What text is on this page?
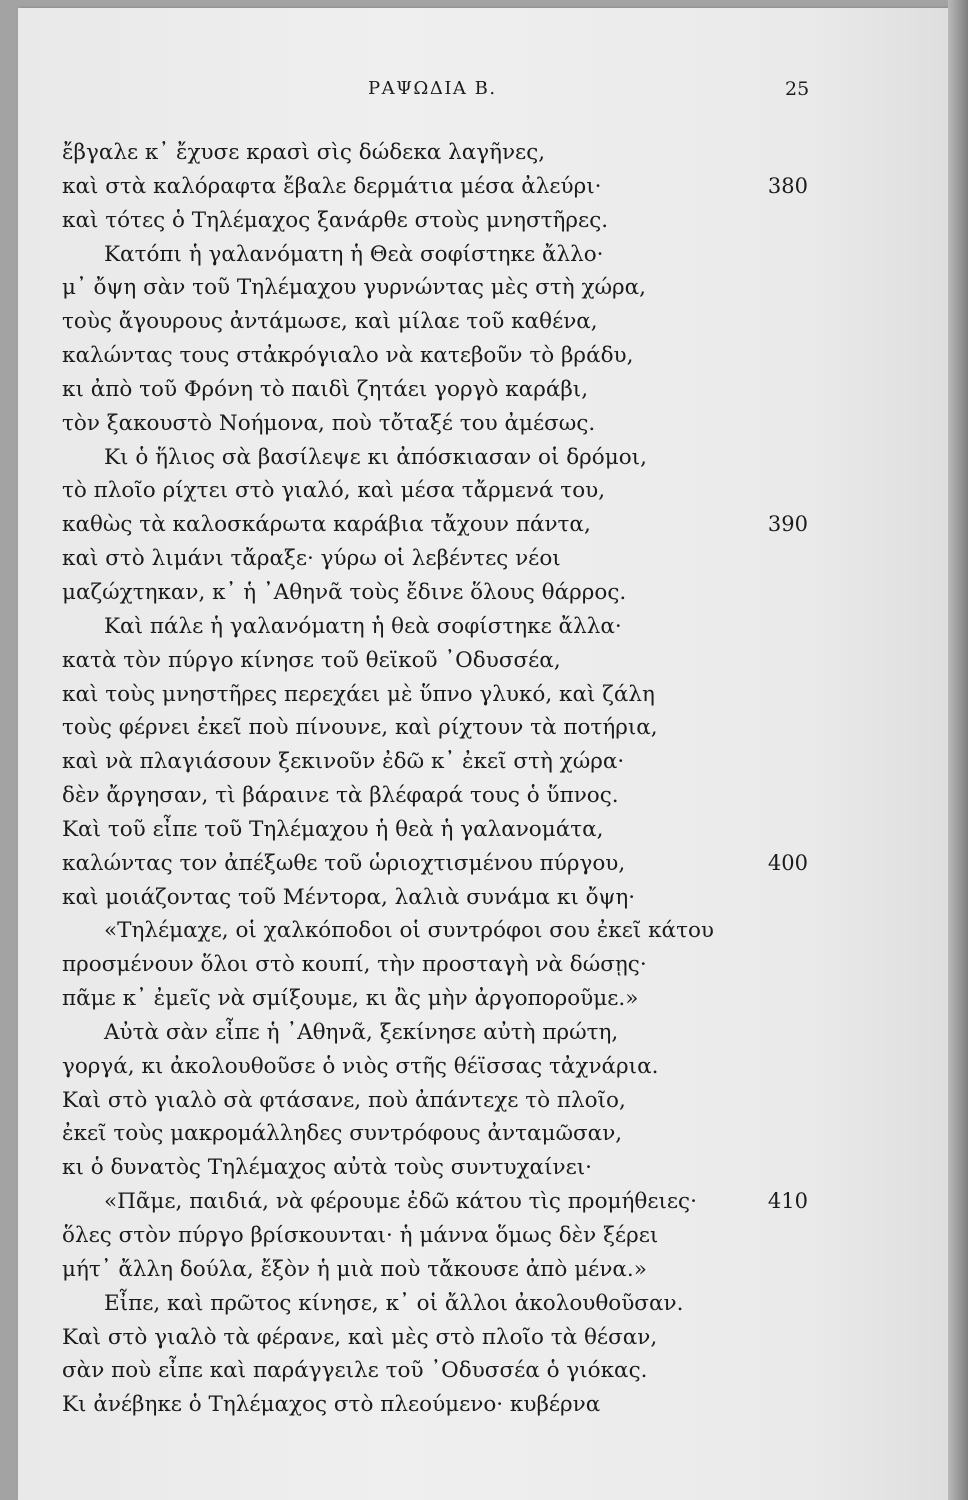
ΡΑΨΩΔΙΑ Β.	25
ἔβγαλε κ᾿ ἔχυσε κρασὶ σὶς δώδεκα λαγῆνες,
καὶ στὰ καλόραφτα ἔβαλε δερμάτια μέσα ἀλεύρι·	380
καὶ τότες ὁ Τηλέμαχος ξανάρθε στοὺς μνηστῆρες.
Κατόπι ἡ γαλανόματη ἡ Θεὰ σοφίστηκε ἄλλο·
μ᾿ ὄψη σὰν τοῦ Τηλέμαχου γυρνώντας μὲς στὴ χώρα,
τοὺς ἄγουρους ἀντάμωσε, καὶ μίλαε τοῦ καθένα,
καλώντας τους στἀκρόγιαλο νὰ κατεβοῦν τὸ βράδυ,
κι ἀπὸ τοῦ Φρόνη τὸ παιδὶ ζητάει γοργὸ καράβι,
τὸν ξακουστὸ Νοήμονα, ποὺ τὄταξέ του ἀμέσως.
Κι ὁ ἥλιος σὰ βασίλεψε κι ἀπόσκιασαν οἱ δρόμοι,
τὸ πλοῖο ρίχτει στὸ γιαλό, καὶ μέσα τἄρμενά του,
καθὼς τὰ καλοσκάρωτα καράβια τἄχουν πάντα,	390
καὶ στὸ λιμάνι τἄραξε· γύρω οἱ λεβέντες νέοι
μαζώχτηκαν, κ᾿ ἡ ᾿Αθηνᾶ τοὺς ἔδινε ὅλους θάρρος.
Καὶ πάλε ἡ γαλανόματη ἡ θεὰ σοφίστηκε ἄλλα·
κατὰ τὸν πύργο κίνησε τοῦ θεϊκοῦ ᾿Οδυσσέα,
καὶ τοὺς μνηστῆρες περεχάει μὲ ὕπνο γλυκό, καὶ ζάλη
τοὺς φέρνει ἐκεῖ ποὺ πίνουνε, καὶ ρίχτουν τὰ ποτήρια,
καὶ νὰ πλαγιάσουν ξεκινοῦν ἐδῶ κ᾿ ἐκεῖ στὴ χώρα·
δὲν ἄργησαν, τὶ βάραινε τὰ βλέφαρά τους ὁ ὕπνος.
Καὶ τοῦ εἶπε τοῦ Τηλέμαχου ἡ θεὰ ἡ γαλανομάτα,
καλώντας τον ἀπέξωθε τοῦ ὡριοχτισμένου πύργου,	400
καὶ μοιάζοντας τοῦ Μέντορα, λαλιὰ συνάμα κι ὄψη·
«Τηλέμαχε, οἱ χαλκόποδοι οἱ συντρόφοι σου ἐκεῖ κάτου
προσμένουν ὅλοι στὸ κουπί, τὴν προσταγὴ νὰ δώσῃς·
πᾶμε κ᾿ ἐμεῖς νὰ σμίξουμε, κι ἂς μὴν ἀργοποροῦμε.»
Αὐτὰ σὰν εἶπε ἡ ᾿Αθηνᾶ, ξεκίνησε αὐτὴ πρώτη,
γοργά, κι ἀκολουθοῦσε ὁ νιὸς στῆς θέϊσσας τἀχνάρια.
Καὶ στὸ γιαλὸ σὰ φτάσανε, ποὺ ἀπάντεχε τὸ πλοῖο,
ἐκεῖ τοὺς μακρομάλληδες συντρόφους ἀνταμῶσαν,
κι ὁ δυνατὸς Τηλέμαχος αὐτὰ τοὺς συντυχαίνει·
«Πᾶμε, παιδιά, νὰ φέρουμε ἐδῶ κάτου τὶς προμήθειες·	410
ὅλες στὸν πύργο βρίσκουνται· ἡ μάννα ὅμως δὲν ξέρει
μήτ᾿ ἄλλη δούλα, ἔξὸν ἡ μιὰ ποὺ τἄκουσε ἀπὸ μένα.»
Εἶπε, καὶ πρῶτος κίνησε, κ᾿ οἱ ἄλλοι ἀκολουθοῦσαν.
Καὶ στὸ γιαλὸ τὰ φέρανε, καὶ μὲς στὸ πλοῖο τὰ θέσαν,
σὰν ποὺ εἶπε καὶ παράγγειλε τοῦ ᾿Οδυσσέα ὁ γιόκας.
Κι ἀνέβηκε ὁ Τηλέμαχος στὸ πλεούμενο· κυβέρνα
